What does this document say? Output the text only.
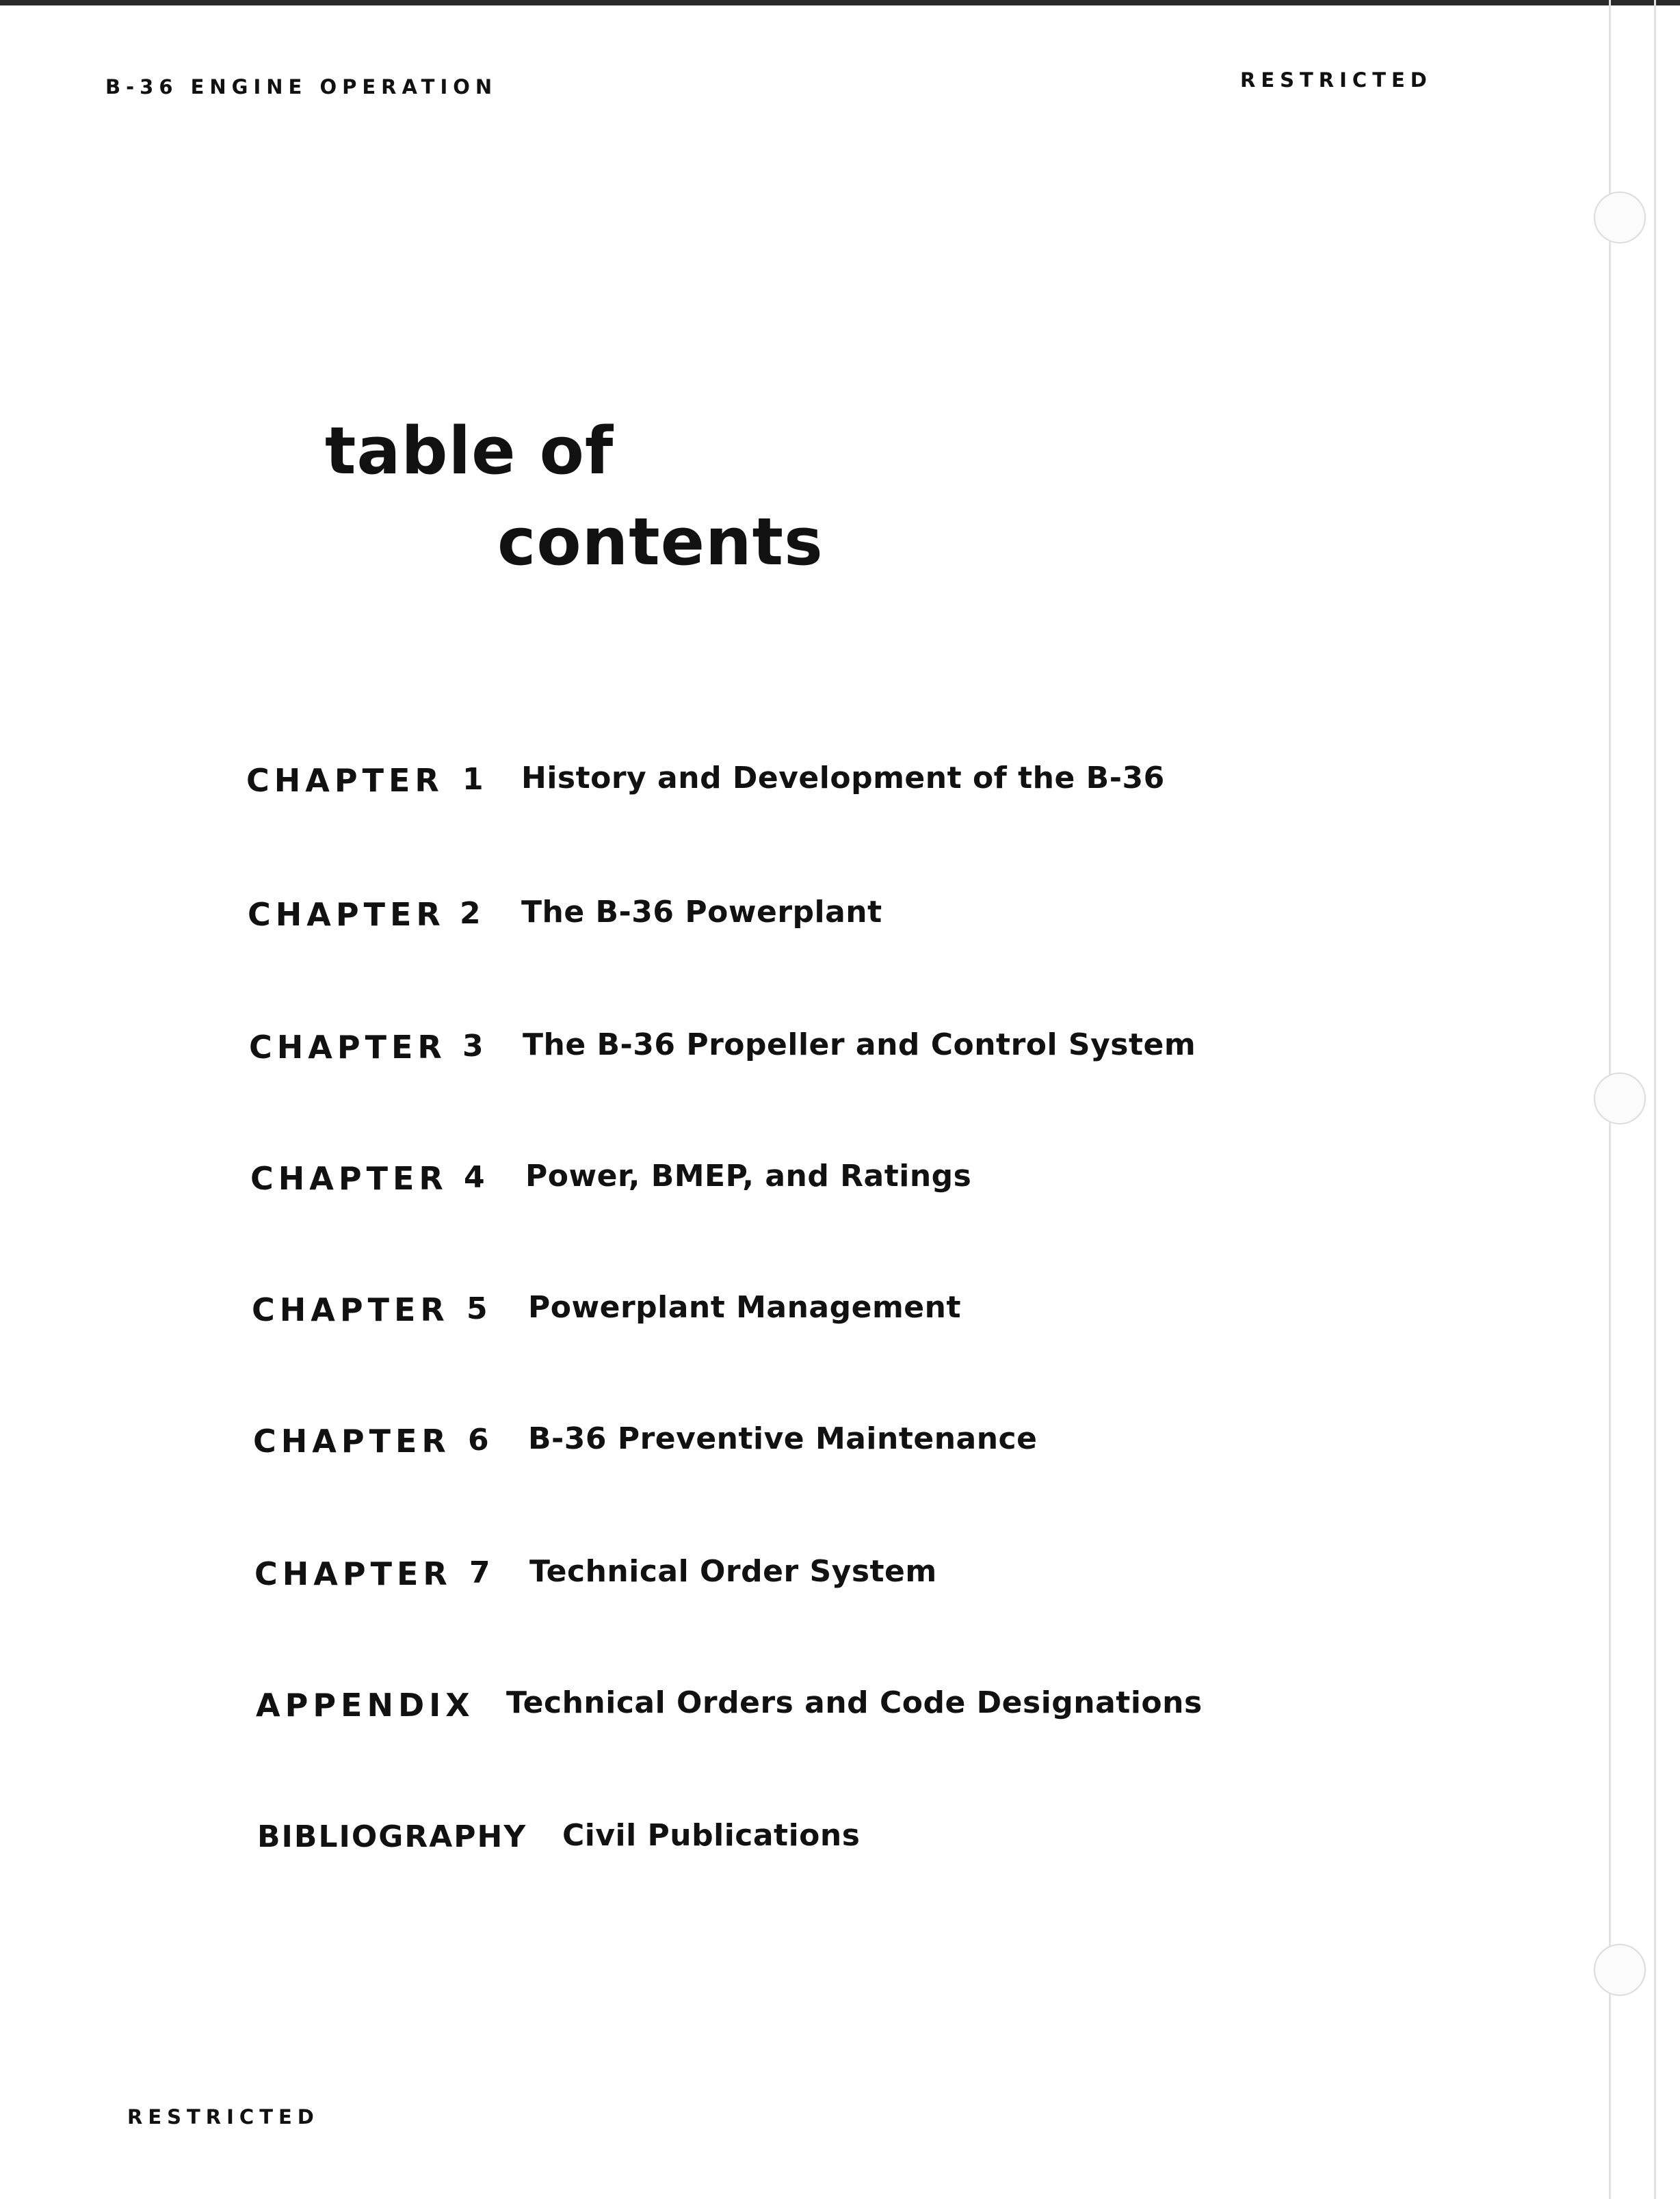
B-36 ENGINE OPERATION	RESTRICTED
table of
contents
CHAPTER 1 History and Development of the B-36
CHAPTER 2 The B-36 Powerplant
CHAPTER 3 The B-36 Propeller and Control System
CHAPTER 4 Power, BMEP, and Ratings
CHAPTER 5 Powerplant Management
CHAPTER 6 B-36 Preventive Maintenance
CHAPTER 7 Technical Order System
APPENDIX Technical Orders and Code Designations
BIBLIOGRAPHY Civil Publications
RESTRICTED
